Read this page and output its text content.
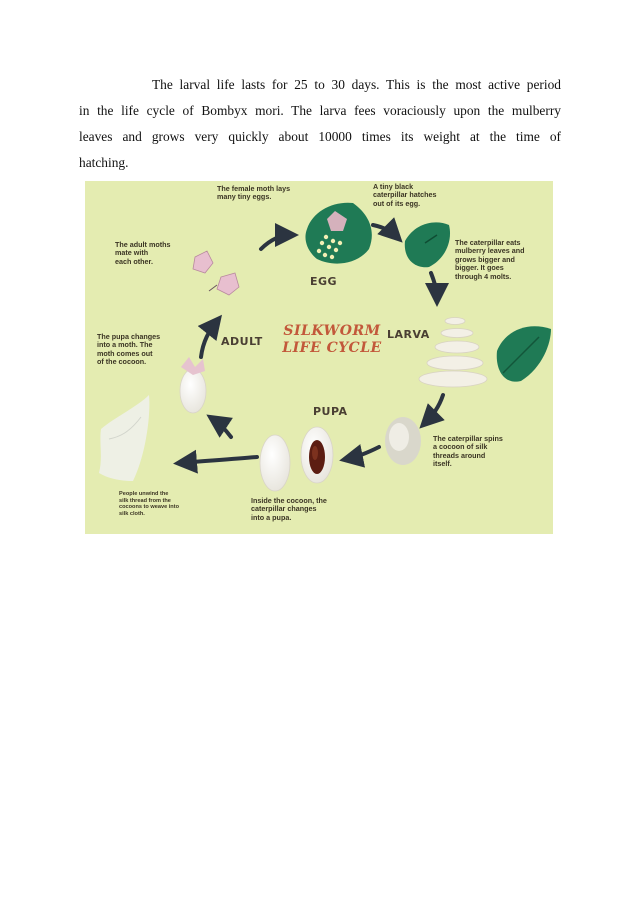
The larval life lasts for 25 to 30 days. This is the most active period
in the life cycle of Bombyx mori. The larva fees voraciously upon the mulberry
leaves and grows very quickly about 10000 times its weight at the time of
hatching.
SILKWORM
LIFE CYCLE
EGG
LARVA
PUPA
ADULT
The female moth lays
many tiny eggs.
A tiny black
caterpillar hatches
out of its egg.
The caterpillar eats
mulberry leaves and
grows bigger and
bigger. It goes
through 4 molts.
The caterpillar spins
a cocoon of silk
threads around
itself.
Inside the cocoon, the
caterpillar changes
into a pupa.
The pupa changes
into a moth. The
moth comes out
of the cocoon.
The adult moths
mate with
each other.
People unwind the
silk thread from the
cocoons to weave into
silk cloth.
